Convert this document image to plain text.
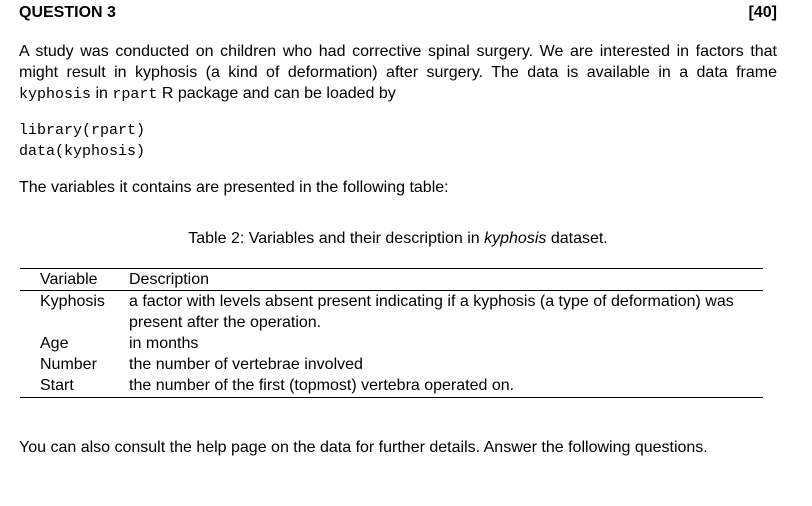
QUESTION 3	[40]

A study was conducted on children who had corrective spinal surgery. We are interested in factors that might result in kyphosis (a kind of deformation) after surgery. The data is available in a data frame kyphosis in rpart R package and can be loaded by

library(rpart)
data(kyphosis)

The variables it contains are presented in the following table:

Table 2: Variables and their description in kyphosis dataset.
Variable	Description
Kyphosis	a factor with levels absent present indicating if a kyphosis (a type of deformation) was present after the operation.
Age	in months
Number	the number of vertebrae involved
Start	the number of the first (topmost) vertebra operated on.

You can also consult the help page on the data for further details. Answer the following questions.
